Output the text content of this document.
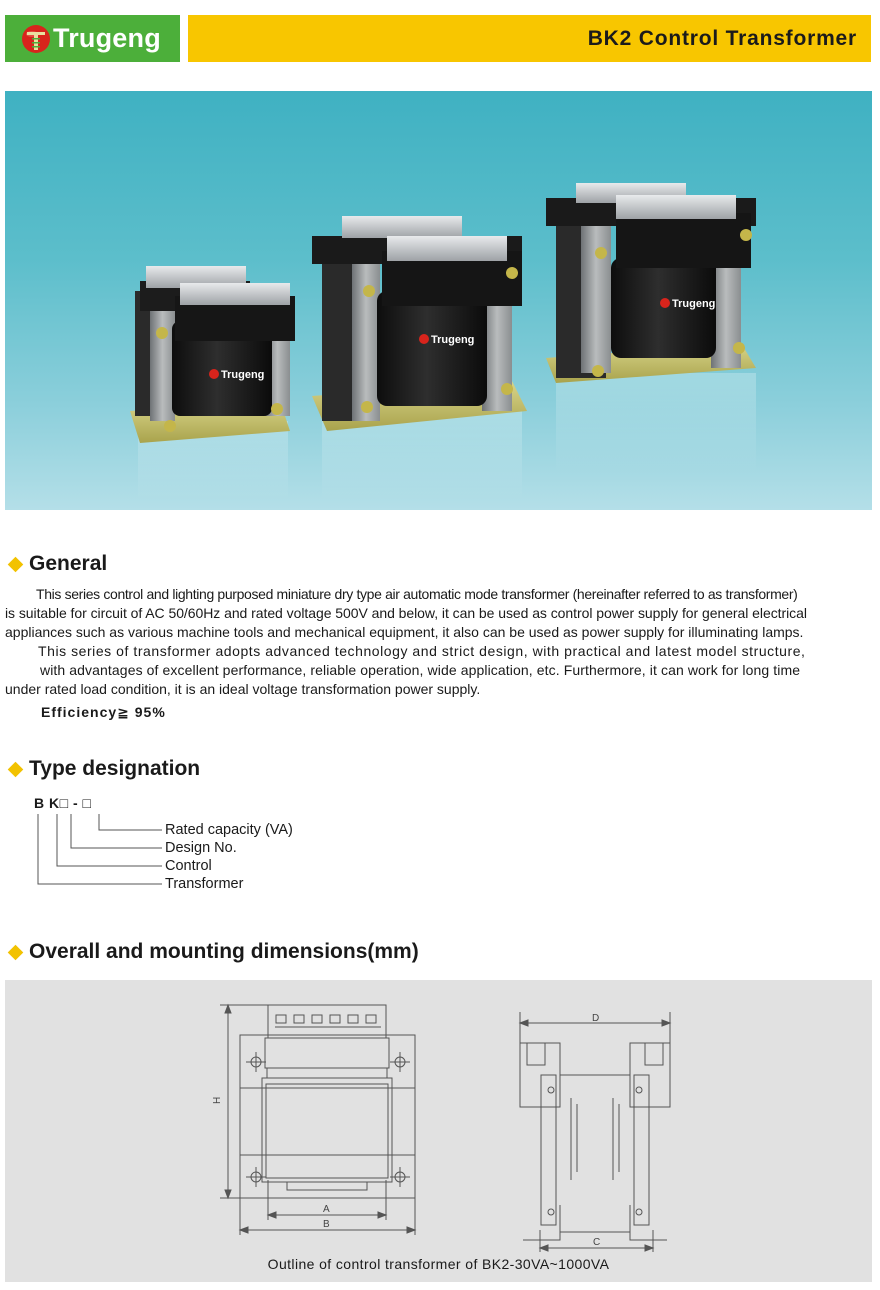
Trugeng	BK2 Control Transformer
Trugeng
Trugeng
Trugeng
General
This series control and lighting purposed miniature dry type air automatic mode transformer (hereinafter referred to as transformer)
is suitable for circuit of AC 50/60Hz and rated voltage 500V and below, it can be used as control power supply for general electrical
appliances such as various machine tools and mechanical equipment, it also can be used as power supply for illuminating lamps.
This series of transformer adopts advanced technology and strict design, with practical and latest model structure,
with advantages of excellent performance, reliable operation, wide application, etc. Furthermore, it can work for long time
under rated load condition, it is an ideal voltage transformation power supply.
Efficiency≧ 95%
Type designation
B K□ - □
Rated capacity (VA)
Design No.
Control
Transformer
Overall and mounting dimensions(mm)
H
A
B
D
C
Outline of control transformer of BK2-30VA~1000VA
